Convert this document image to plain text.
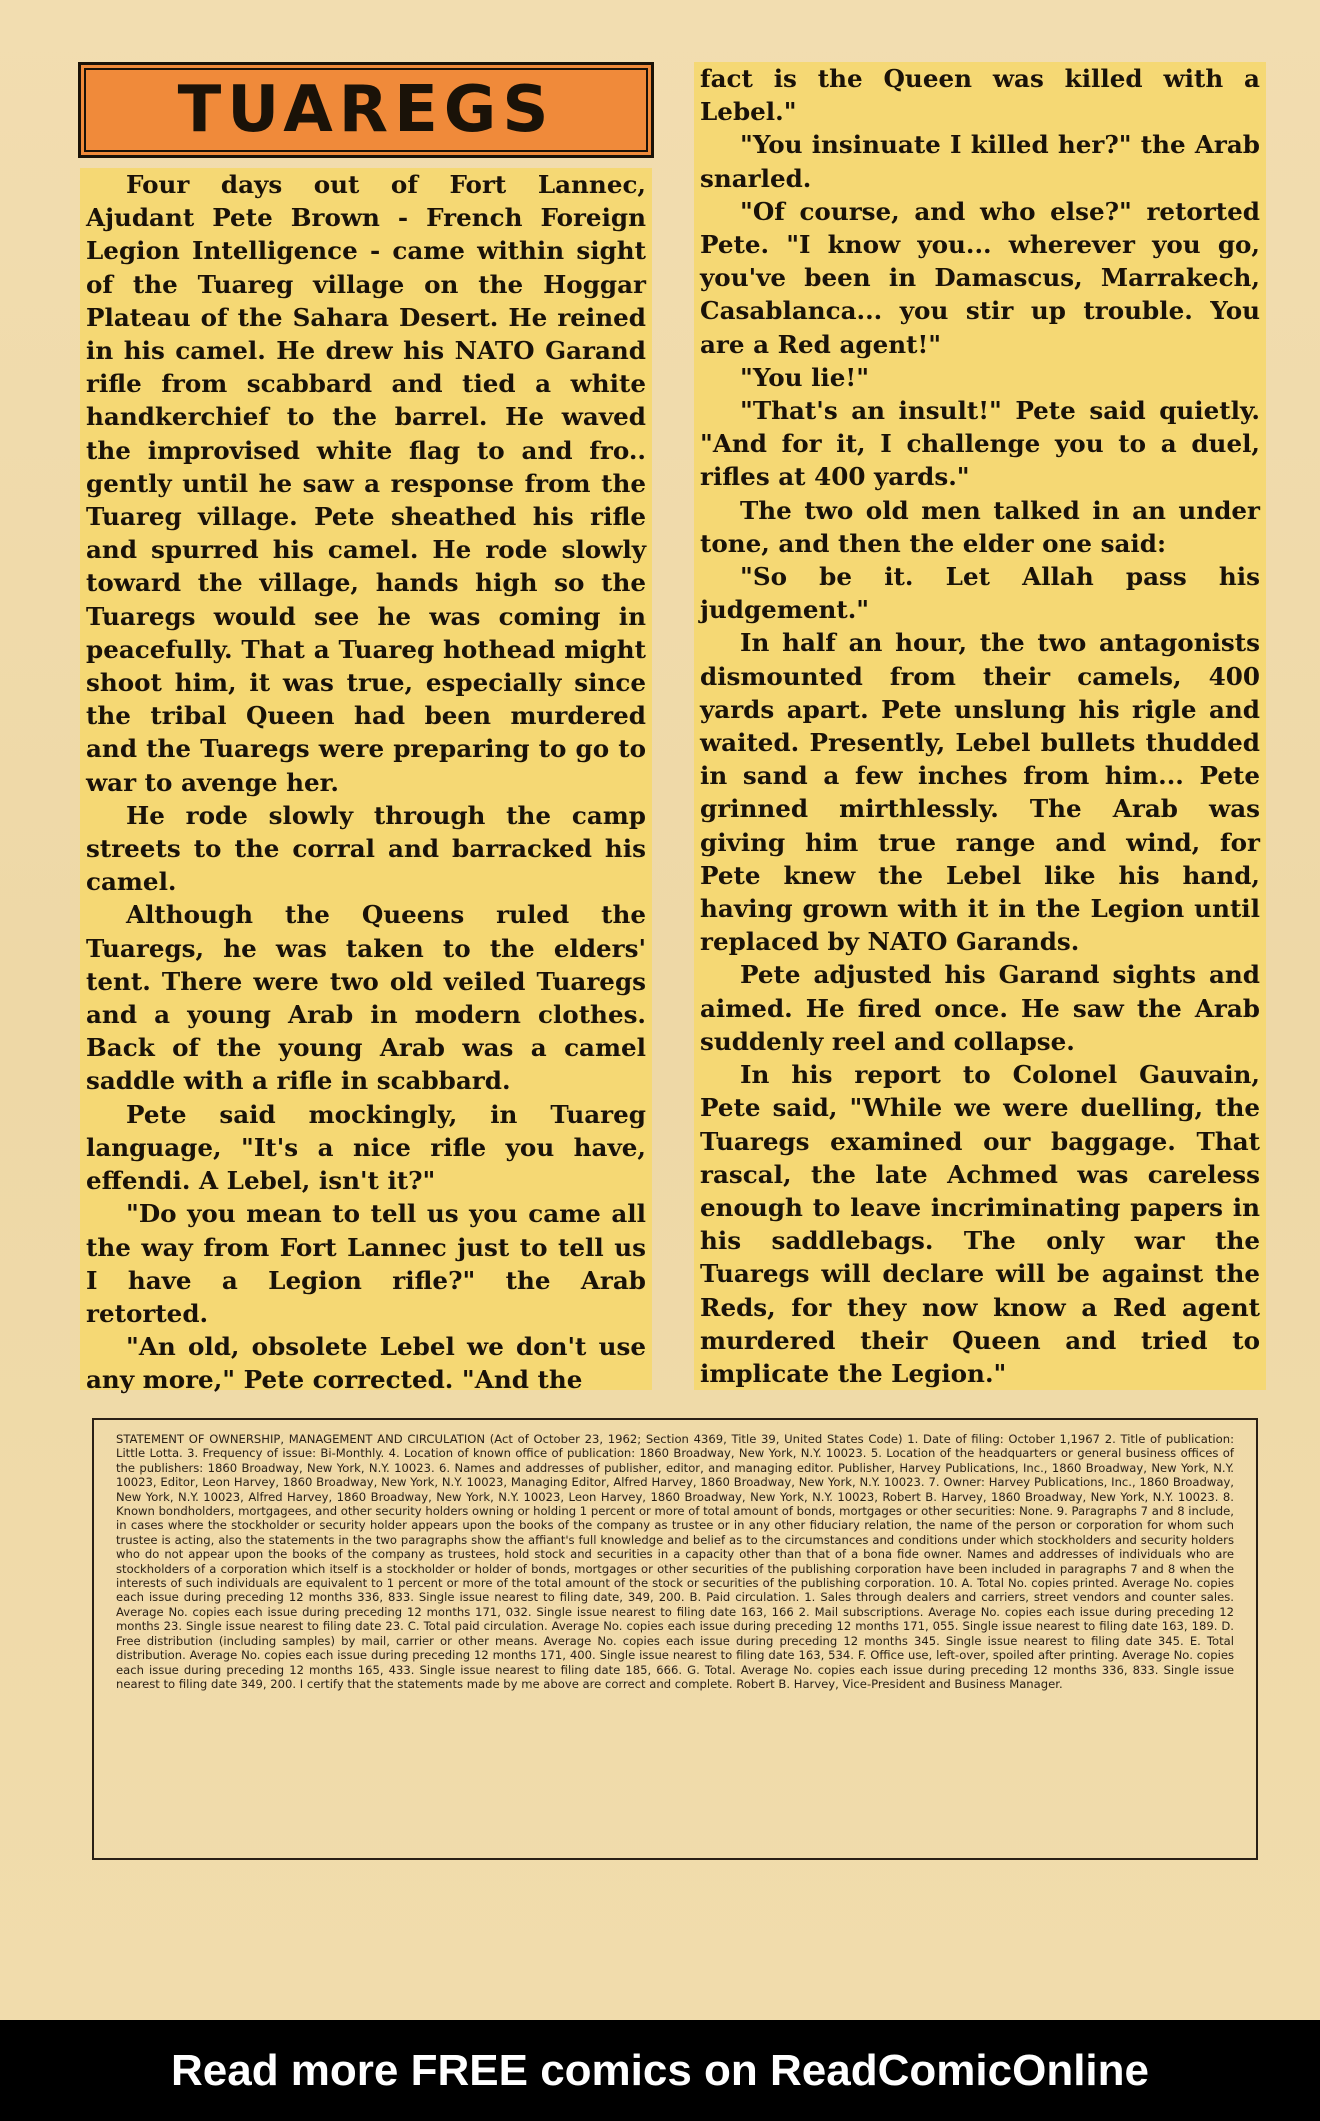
TUAREGS

Four days out of Fort Lannec, Ajudant Pete Brown - French Foreign Legion Intelligence - came within sight of the Tuareg village on the Hoggar Plateau of the Sahara Desert. He reined in his camel. He drew his NATO Garand rifle from scabbard and tied a white handkerchief to the barrel. He waved the improvised white flag to and fro.. gently until he saw a response from the Tuareg village. Pete sheathed his rifle and spurred his camel. He rode slowly toward the village, hands high so the Tuaregs would see he was coming in peacefully. That a Tuareg hothead might shoot him, it was true, especially since the tribal Queen had been murdered and the Tuaregs were preparing to go to war to avenge her.

He rode slowly through the camp streets to the corral and barracked his camel.

Although the Queens ruled the Tuaregs, he was taken to the elders' tent. There were two old veiled Tuaregs and a young Arab in modern clothes. Back of the young Arab was a camel saddle with a rifle in scabbard.

Pete said mockingly, in Tuareg language, "It's a nice rifle you have, effendi. A Lebel, isn't it?"

"Do you mean to tell us you came all the way from Fort Lannec just to tell us I have a Legion rifle?" the Arab retorted.

"An old, obsolete Lebel we don't use any more," Pete corrected. "And the

fact is the Queen was killed with a Lebel."

"You insinuate I killed her?" the Arab snarled.

"Of course, and who else?" retorted Pete. "I know you... wherever you go, you've been in Damascus, Marrakech, Casablanca... you stir up trouble. You are a Red agent!"

"You lie!"

"That's an insult!" Pete said quietly. "And for it, I challenge you to a duel, rifles at 400 yards."

The two old men talked in an under tone, and then the elder one said:

"So be it. Let Allah pass his judgement."

In half an hour, the two antagonists dismounted from their camels, 400 yards apart. Pete unslung his rigle and waited. Presently, Lebel bullets thudded in sand a few inches from him... Pete grinned mirthlessly. The Arab was giving him true range and wind, for Pete knew the Lebel like his hand, having grown with it in the Legion until replaced by NATO Garands.

Pete adjusted his Garand sights and aimed. He fired once. He saw the Arab suddenly reel and collapse.

In his report to Colonel Gauvain, Pete said, "While we were duelling, the Tuaregs examined our baggage. That rascal, the late Achmed was careless enough to leave incriminating papers in his saddlebags. The only war the Tuaregs will declare will be against the Reds, for they now know a Red agent murdered their Queen and tried to implicate the Legion."

STATEMENT OF OWNERSHIP, MANAGEMENT AND CIRCULATION (Act of October 23, 1962; Section 4369, Title 39, United States Code) 1. Date of filing: October 1,1967 2. Title of publication: Little Lotta. 3. Frequency of issue: Bi-Monthly. 4. Location of known office of publication: 1860 Broadway, New York, N.Y. 10023. 5. Location of the headquarters or general business offices of the publishers: 1860 Broadway, New York, N.Y. 10023. 6. Names and addresses of publisher, editor, and managing editor. Publisher, Harvey Publications, Inc., 1860 Broadway, New York, N.Y. 10023, Editor, Leon Harvey, 1860 Broadway, New York, N.Y. 10023, Managing Editor, Alfred Harvey, 1860 Broadway, New York, N.Y. 10023. 7. Owner: Harvey Publications, Inc., 1860 Broadway, New York, N.Y. 10023, Alfred Harvey, 1860 Broadway, New York, N.Y. 10023, Leon Harvey, 1860 Broadway, New York, N.Y. 10023, Robert B. Harvey, 1860 Broadway, New York, N.Y. 10023. 8. Known bondholders, mortgagees, and other security holders owning or holding 1 percent or more of total amount of bonds, mortgages or other securities: None. 9. Paragraphs 7 and 8 include, in cases where the stockholder or security holder appears upon the books of the company as trustee or in any other fiduciary relation, the name of the person or corporation for whom such trustee is acting, also the statements in the two paragraphs show the affiant's full knowledge and belief as to the circumstances and conditions under which stockholders and security holders who do not appear upon the books of the company as trustees, hold stock and securities in a capacity other than that of a bona fide owner. Names and addresses of individuals who are stockholders of a corporation which itself is a stockholder or holder of bonds, mortgages or other securities of the publishing corporation have been included in paragraphs 7 and 8 when the interests of such individuals are equivalent to 1 percent or more of the total amount of the stock or securities of the publishing corporation. 10. A. Total No. copies printed. Average No. copies each issue during preceding 12 months 336, 833. Single issue nearest to filing date, 349, 200. B. Paid circulation. 1. Sales through dealers and carriers, street vendors and counter sales. Average No. copies each issue during preceding 12 months 171, 032. Single issue nearest to filing date 163, 166 2. Mail subscriptions. Average No. copies each issue during preceding 12 months 23. Single issue nearest to filing date 23. C. Total paid circulation. Average No. copies each issue during preceding 12 months 171, 055. Single issue nearest to filing date 163, 189. D. Free distribution (including samples) by mail, carrier or other means. Average No. copies each issue during preceding 12 months 345. Single issue nearest to filing date 345. E. Total distribution. Average No. copies each issue during preceding 12 months 171, 400. Single issue nearest to filing date 163, 534. F. Office use, left-over, spoiled after printing. Average No. copies each issue during preceding 12 months 165, 433. Single issue nearest to filing date 185, 666. G. Total. Average No. copies each issue during preceding 12 months 336, 833. Single issue nearest to filing date 349, 200. I certify that the statements made by me above are correct and complete. Robert B. Harvey, Vice-President and Business Manager.

Read more FREE comics on ReadComicOnline
